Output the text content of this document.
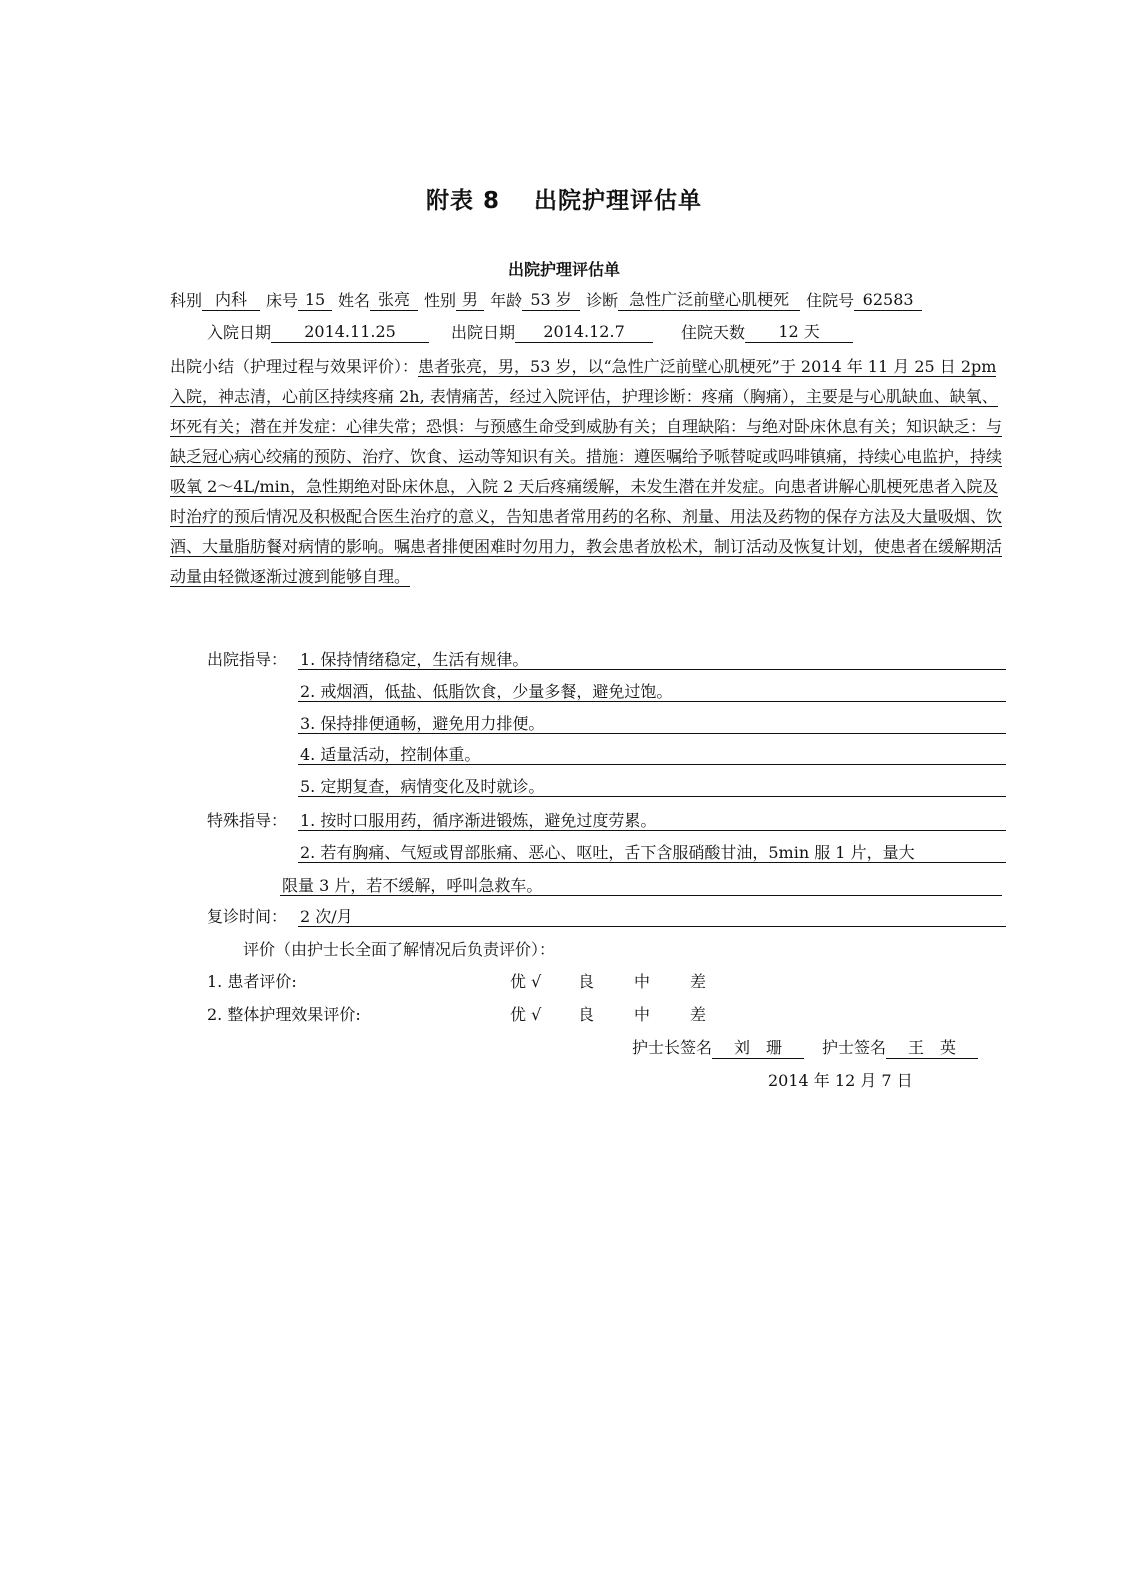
附表 8 出院护理评估单
出院护理评估单
科别 内科	床号 15 姓名 张亮 性别 男 年龄 53 岁 诊断 急性广泛前壁心肌梗死	住院号 62583
入院日期	2014.11.25	出院日期	2014.12.7	住院天数	12 天
出院小结（护理过程与效果评价）：患者张亮，男，53 岁，以“急性广泛前壁心肌梗死”于 2014 年 11 月 25 日 2pm 入院，神志清，心前区持续疼痛 2h, 表情痛苦，经过入院评估，护理诊断：疼痛（胸痛），主要是与心肌缺血、缺氧、坏死有关；潜在并发症：心律失常；恐惧：与预感生命受到威胁有关；自理缺陷：与绝对卧床休息有关；知识缺乏：与缺乏冠心病心绞痛的预防、治疗、饮食、运动等知识有关。措施：遵医嘱给予哌替啶或吗啡镇痛，持续心电监护，持续吸氧 2～4L/min，急性期绝对卧床休息，入院 2 天后疼痛缓解，未发生潜在并发症。向患者讲解心肌梗死患者入院及时治疗的预后情况及积极配合医生治疗的意义，告知患者常用药的名称、剂量、用法及药物的保存方法及大量吸烟、饮酒、大量脂肪餐对病情的影响。嘱患者排便困难时勿用力，教会患者放松术，制订活动及恢复计划，使患者在缓解期活动量由轻微逐渐过渡到能够自理。
出院指导： 1. 保持情绪稳定，生活有规律。
2. 戒烟酒，低盐、低脂饮食，少量多餐，避免过饱。
3. 保持排便通畅，避免用力排便。
4. 适量活动，控制体重。
5. 定期复查，病情变化及时就诊。
特殊指导： 1. 按时口服用药，循序渐进锻炼，避免过度劳累。
2. 若有胸痛、气短或胃部胀痛、恶心、呕吐，舌下含服硝酸甘油，5min 服 1 片，量大
限量 3 片，若不缓解，呼叫急救车。
复诊时间： 2 次/月
评价（由护士长全面了解情况后负责评价）：
1. 患者评价:	优 √ 良 中 差
2. 整体护理效果评价:	优 √ 良 中 差
护士长签名 刘　珊	护士签名 王　英
2014 年 12 月 7 日
